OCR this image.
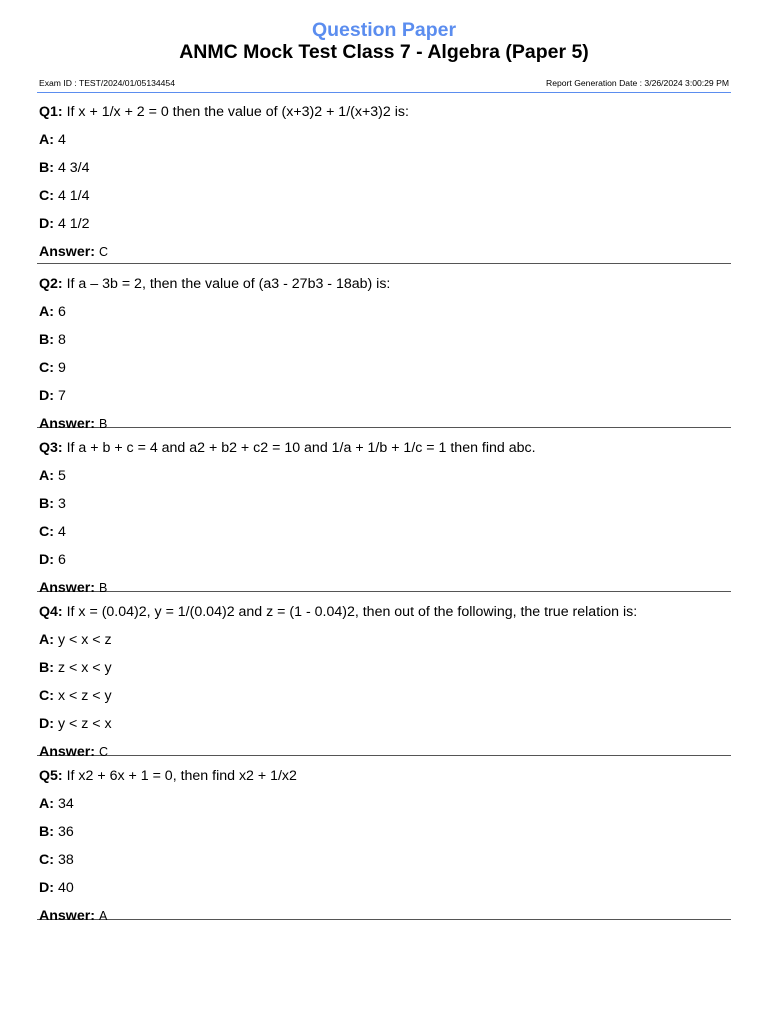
Question Paper
ANMC Mock Test Class 7 - Algebra (Paper 5)
Exam ID : TEST/2024/01/05134454	Report Generation Date : 3/26/2024 3:00:29 PM
Q1: If x + 1/x + 2 = 0 then the value of (x+3)2 + 1/(x+3)2 is:
A: 4
B: 4 3/4
C: 4 1/4
D: 4 1/2
Answer: C
Q2: If a – 3b = 2, then the value of (a3 - 27b3 - 18ab) is:
A: 6
B: 8
C: 9
D: 7
Answer: B
Q3: If a + b + c = 4 and a2 + b2 + c2 = 10 and 1/a + 1/b + 1/c = 1 then find abc.
A: 5
B: 3
C: 4
D: 6
Answer: B
Q4: If x = (0.04)2, y = 1/(0.04)2 and z = (1 - 0.04)2, then out of the following, the true relation is:
A: y < x < z
B: z < x < y
C: x < z < y
D: y < z < x
Answer: C
Q5: If x2 + 6x + 1 = 0, then find x2 + 1/x2
A: 34
B: 36
C: 38
D: 40
Answer: A
